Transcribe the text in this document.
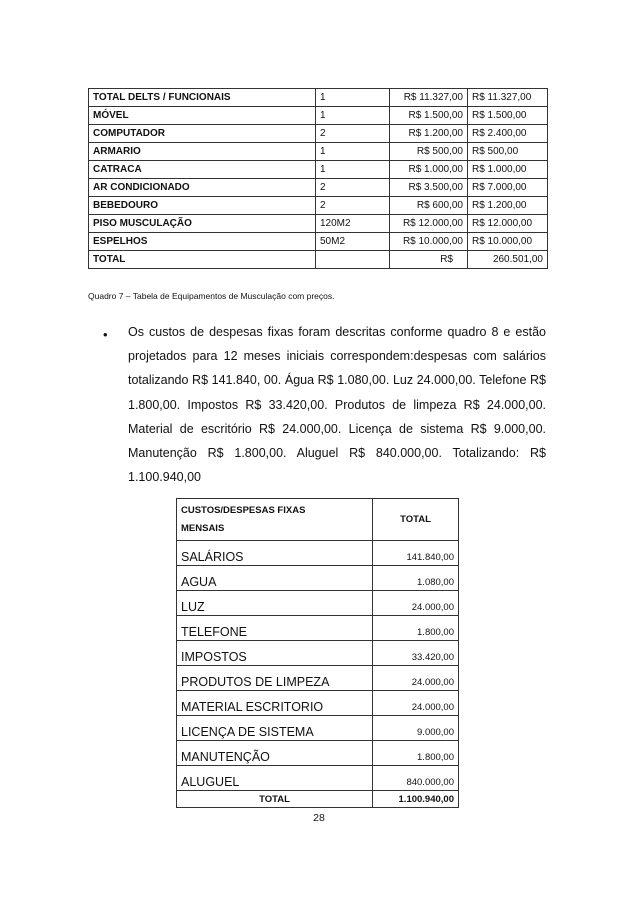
TOTAL DELTS / FUNCIONAIS	1	R$ 11.327,00	R$ 11.327,00
MÓVEL	1	R$ 1.500,00	R$ 1.500,00
COMPUTADOR	2	R$ 1.200,00	R$ 2.400,00
ARMARIO	1	R$ 500,00	R$ 500,00
CATRACA	1	R$ 1.000,00	R$ 1.000,00
AR CONDICIONADO	2	R$ 3.500,00	R$ 7.000,00
BEBEDOURO	2	R$ 600,00	R$ 1.200,00
PISO MUSCULAÇÃO	120M2	R$ 12.000,00	R$ 12.000,00
ESPELHOS	50M2	R$ 10.000,00	R$ 10.000,00
TOTAL		R$	260.501,00
Quadro 7 – Tabela de Equipamentos de Musculação com preços.
• Os custos de despesas fixas foram descritas conforme quadro 8 e estão projetados para 12 meses iniciais correspondem:despesas com salários totalizando R$ 141.840, 00. Água R$ 1.080,00. Luz 24.000,00. Telefone R$ 1.800,00. Impostos R$ 33.420,00. Produtos de limpeza R$ 24.000,00. Material de escritório R$ 24.000,00. Licença de sistema R$ 9.000,00. Manutenção R$ 1.800,00. Aluguel R$ 840.000,00. Totalizando: R$ 1.100.940,00
CUSTOS/DESPESAS FIXAS
MENSAIS	TOTAL
SALÁRIOS	141.840,00
AGUA	1.080,00
LUZ	24.000,00
TELEFONE	1.800,00
IMPOSTOS	33.420,00
PRODUTOS DE LIMPEZA	24.000,00
MATERIAL ESCRITORIO	24.000,00
LICENÇA DE SISTEMA	9.000,00
MANUTENÇÃO	1.800,00
ALUGUEL	840.000,00
TOTAL	1.100.940,00
28
